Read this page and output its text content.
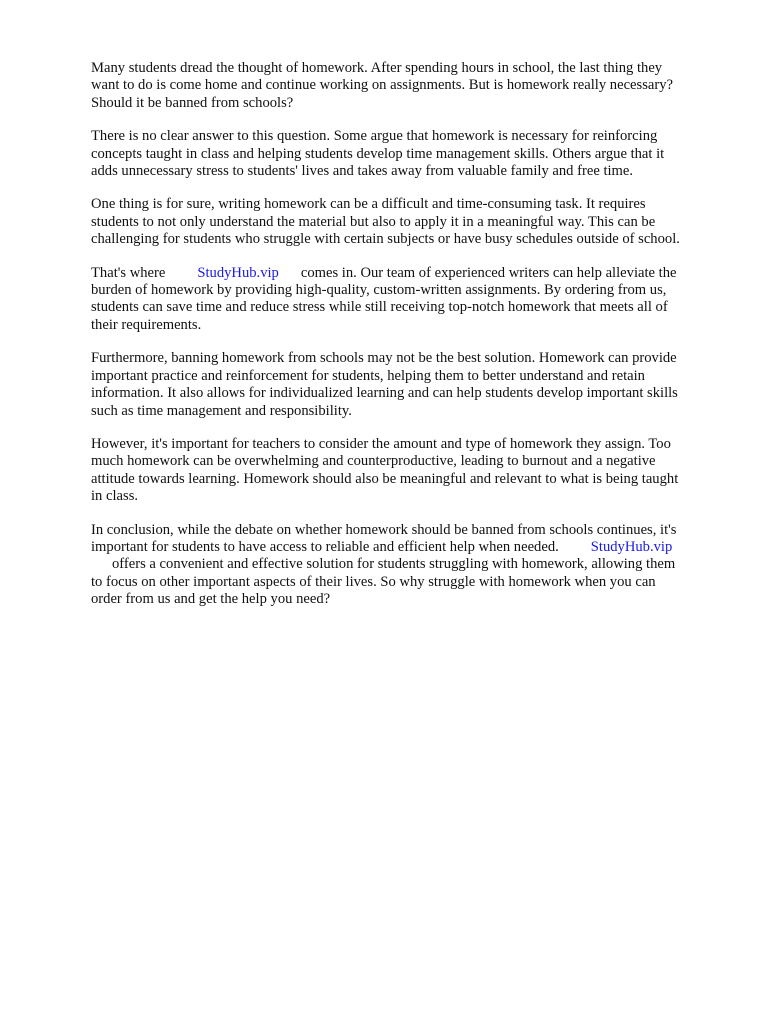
Many students dread the thought of homework. After spending hours in school, the last thing they
want to do is come home and continue working on assignments. But is homework really necessary?
Should it be banned from schools?

There is no clear answer to this question. Some argue that homework is necessary for reinforcing
concepts taught in class and helping students develop time management skills. Others argue that it
adds unnecessary stress to students' lives and takes away from valuable family and free time.

One thing is for sure, writing homework can be a difficult and time-consuming task. It requires
students to not only understand the material but also to apply it in a meaningful way. This can be
challenging for students who struggle with certain subjects or have busy schedules outside of school.

That's where StudyHub.vip comes in. Our team of experienced writers can help alleviate the
burden of homework by providing high-quality, custom-written assignments. By ordering from us,
students can save time and reduce stress while still receiving top-notch homework that meets all of
their requirements.

Furthermore, banning homework from schools may not be the best solution. Homework can provide
important practice and reinforcement for students, helping them to better understand and retain
information. It also allows for individualized learning and can help students develop important skills
such as time management and responsibility.

However, it's important for teachers to consider the amount and type of homework they assign. Too
much homework can be overwhelming and counterproductive, leading to burnout and a negative
attitude towards learning. Homework should also be meaningful and relevant to what is being taught
in class.

In conclusion, while the debate on whether homework should be banned from schools continues, it's
important for students to have access to reliable and efficient help when needed. StudyHub.vip
offers a convenient and effective solution for students struggling with homework, allowing them
to focus on other important aspects of their lives. So why struggle with homework when you can
order from us and get the help you need?
